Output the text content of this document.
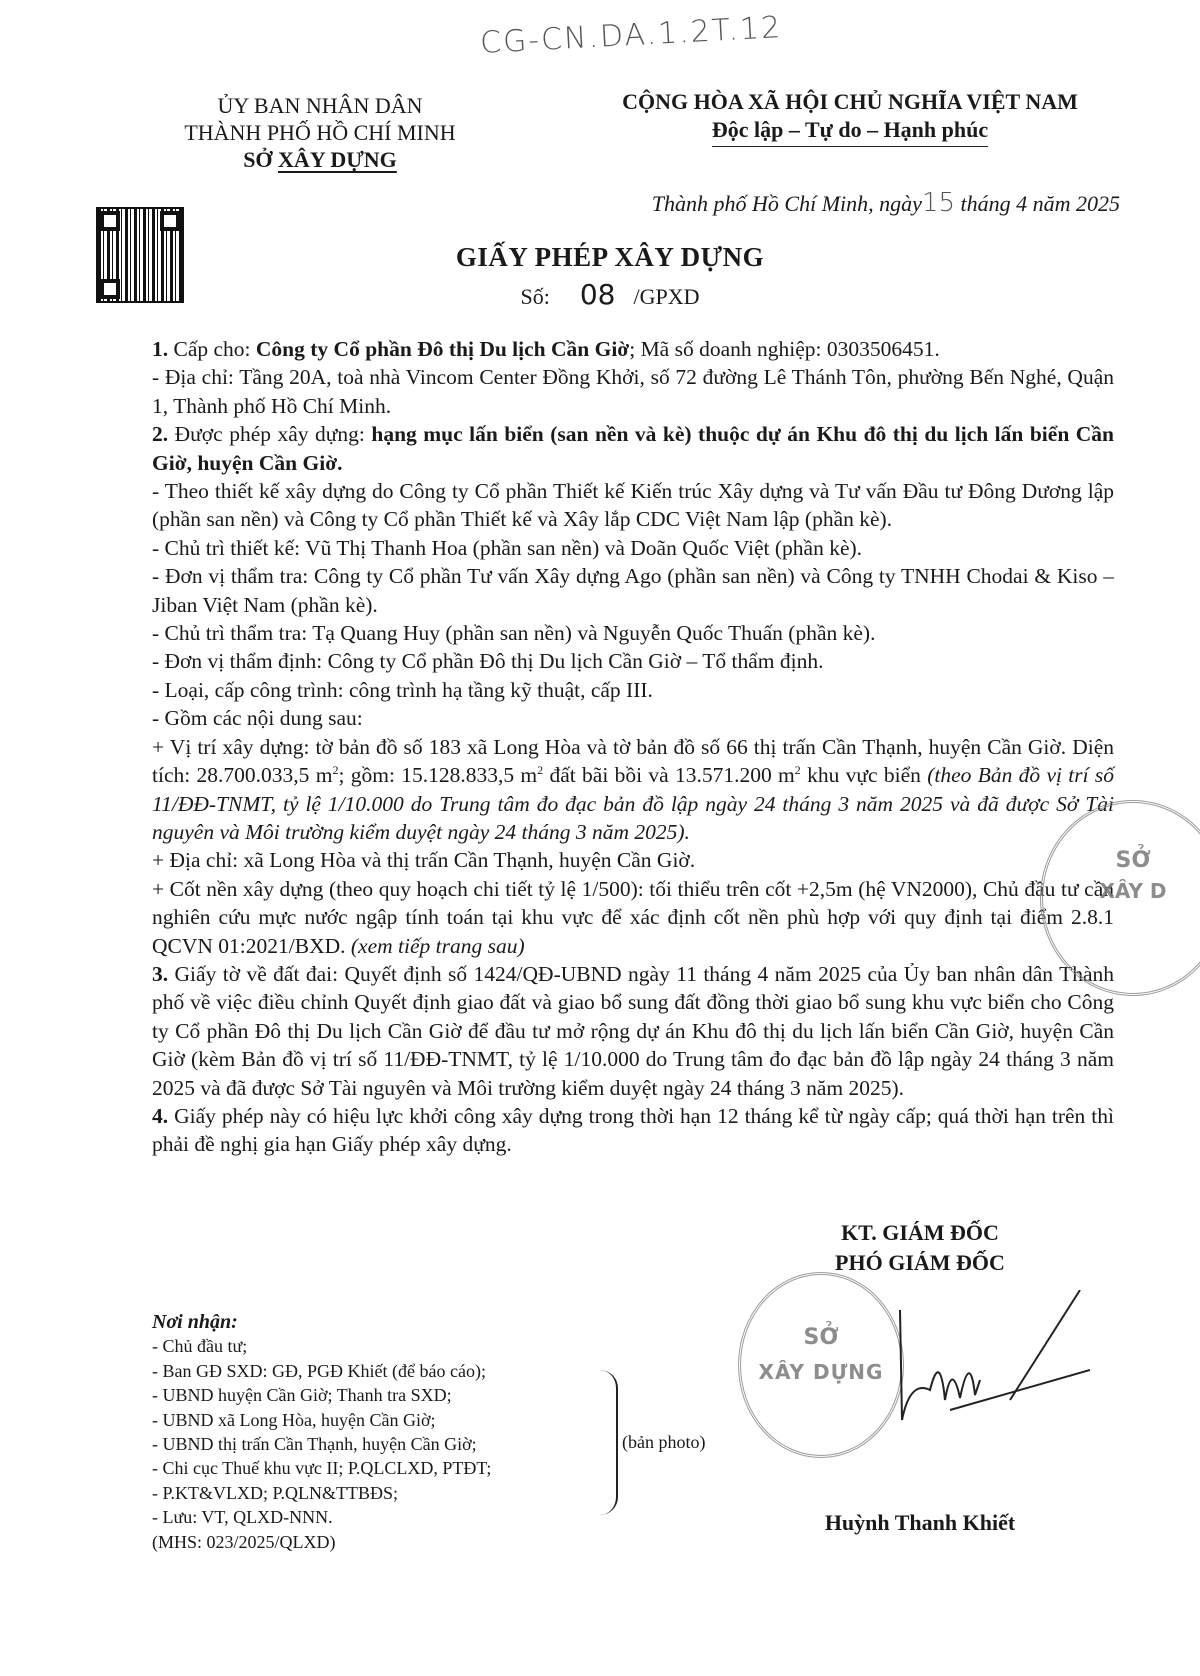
CG-CN.DA.1.2T.12
ỦY BAN NHÂN DÂN
THÀNH PHỐ HỒ CHÍ MINH
SỞ XÂY DỰNG
CỘNG HÒA XÃ HỘI CHỦ NGHĨA VIỆT NAM
Độc lập – Tự do – Hạnh phúc
Thành phố Hồ Chí Minh, ngày15 tháng 4 năm 2025
GIẤY PHÉP XÂY DỰNG
Số: 08 /GPXD

1. Cấp cho: Công ty Cổ phần Đô thị Du lịch Cần Giờ; Mã số doanh nghiệp: 0303506451.

- Địa chỉ: Tầng 20A, toà nhà Vincom Center Đồng Khởi, số 72 đường Lê Thánh Tôn, phường Bến Nghé, Quận 1, Thành phố Hồ Chí Minh.

2. Được phép xây dựng: hạng mục lấn biển (san nền và kè) thuộc dự án Khu đô thị du lịch lấn biển Cần Giờ, huyện Cần Giờ.

- Theo thiết kế xây dựng do Công ty Cổ phần Thiết kế Kiến trúc Xây dựng và Tư vấn Đầu tư Đông Dương lập (phần san nền) và Công ty Cổ phần Thiết kế và Xây lắp CDC Việt Nam lập (phần kè).

- Chủ trì thiết kế: Vũ Thị Thanh Hoa (phần san nền) và Doãn Quốc Việt (phần kè).

- Đơn vị thẩm tra: Công ty Cổ phần Tư vấn Xây dựng Ago (phần san nền) và Công ty TNHH Chodai & Kiso – Jiban Việt Nam (phần kè).

- Chủ trì thẩm tra: Tạ Quang Huy (phần san nền) và Nguyễn Quốc Thuấn (phần kè).

- Đơn vị thẩm định: Công ty Cổ phần Đô thị Du lịch Cần Giờ – Tổ thẩm định.

- Loại, cấp công trình: công trình hạ tầng kỹ thuật, cấp III.

- Gồm các nội dung sau:

+ Vị trí xây dựng: tờ bản đồ số 183 xã Long Hòa và tờ bản đồ số 66 thị trấn Cần Thạnh, huyện Cần Giờ. Diện tích: 28.700.033,5 $m^2$; gồm: 15.128.833,5 $m^2$ đất bãi bồi và 13.571.200 $m^2$ khu vực biển (theo Bản đồ vị trí số 11/ĐĐ-TNMT, tỷ lệ 1/10.000 do Trung tâm đo đạc bản đồ lập ngày 24 tháng 3 năm 2025 và đã được Sở Tài nguyên và Môi trường kiểm duyệt ngày 24 tháng 3 năm 2025).

+ Địa chỉ: xã Long Hòa và thị trấn Cần Thạnh, huyện Cần Giờ.

+ Cốt nền xây dựng (theo quy hoạch chi tiết tỷ lệ 1/500): tối thiểu trên cốt +2,5m (hệ VN2000), Chủ đầu tư cần nghiên cứu mực nước ngập tính toán tại khu vực để xác định cốt nền phù hợp với quy định tại điểm 2.8.1 QCVN 01:2021/BXD. (xem tiếp trang sau)

3. Giấy tờ về đất đai: Quyết định số 1424/QĐ-UBND ngày 11 tháng 4 năm 2025 của Ủy ban nhân dân Thành phố về việc điều chỉnh Quyết định giao đất và giao bổ sung đất đồng thời giao bổ sung khu vực biển cho Công ty Cổ phần Đô thị Du lịch Cần Giờ để đầu tư mở rộng dự án Khu đô thị du lịch lấn biển Cần Giờ, huyện Cần Giờ (kèm Bản đồ vị trí số 11/ĐĐ-TNMT, tỷ lệ 1/10.000 do Trung tâm đo đạc bản đồ lập ngày 24 tháng 3 năm 2025 và đã được Sở Tài nguyên và Môi trường kiểm duyệt ngày 24 tháng 3 năm 2025).

4. Giấy phép này có hiệu lực khởi công xây dựng trong thời hạn 12 tháng kể từ ngày cấp; quá thời hạn trên thì phải đề nghị gia hạn Giấy phép xây dựng.

Nơi nhận:
- Chủ đầu tư;
- Ban GĐ SXD: GĐ, PGĐ Khiết (để báo cáo);
- UBND huyện Cần Giờ; Thanh tra SXD;
- UBND xã Long Hòa, huyện Cần Giờ;
- UBND thị trấn Cần Thạnh, huyện Cần Giờ;
- Chi cục Thuế khu vực II; P.QLCLXD, PTĐT;
- P.KT&VLXD; P.QLN&TTBĐS;
- Lưu: VT, QLXD-NNN.
(MHS: 023/2025/QLXD)
(bản photo)
SỞ
XÂY D
KT. GIÁM ĐỐC
PHÓ GIÁM ĐỐC
SỞ
XÂY DỰNG
Huỳnh Thanh Khiết
